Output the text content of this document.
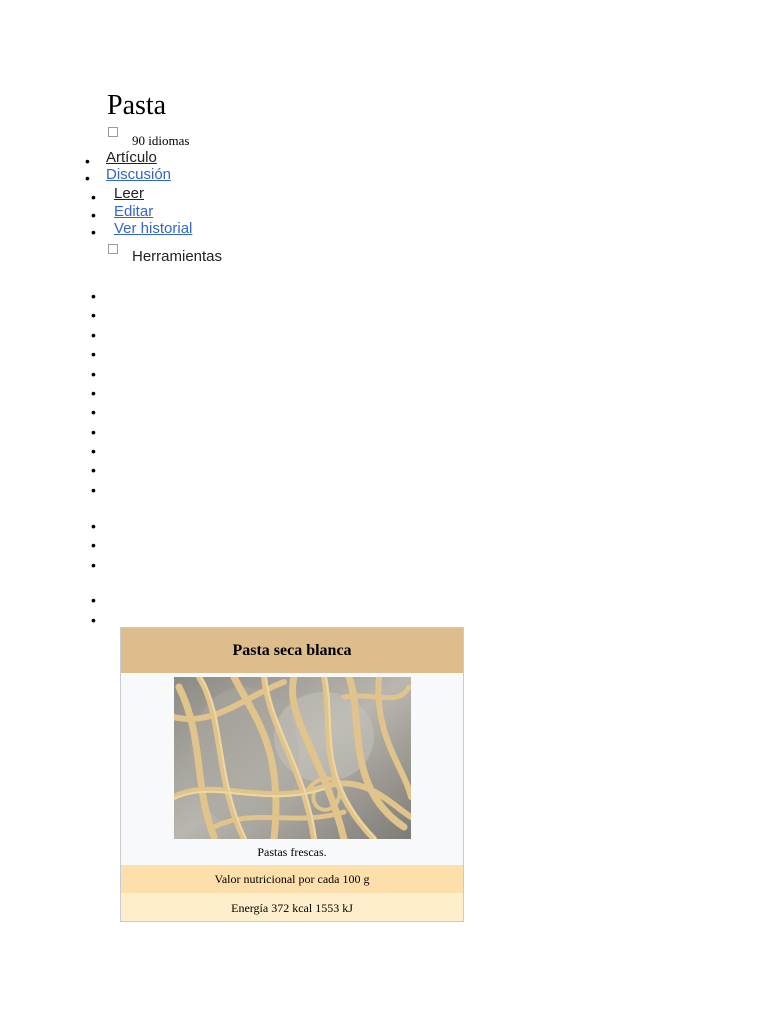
Pasta
90 idiomas
• Artículo
• Discusión
• Leer
• Editar
• Ver historial
Herramientas
•
•
•
•
•
•
•
•
•
•
•
•
•
•
•
•
Pasta seca blanca
Pastas frescas.
Valor nutricional por cada 100 g
Energía 372 kcal 1553 kJ
